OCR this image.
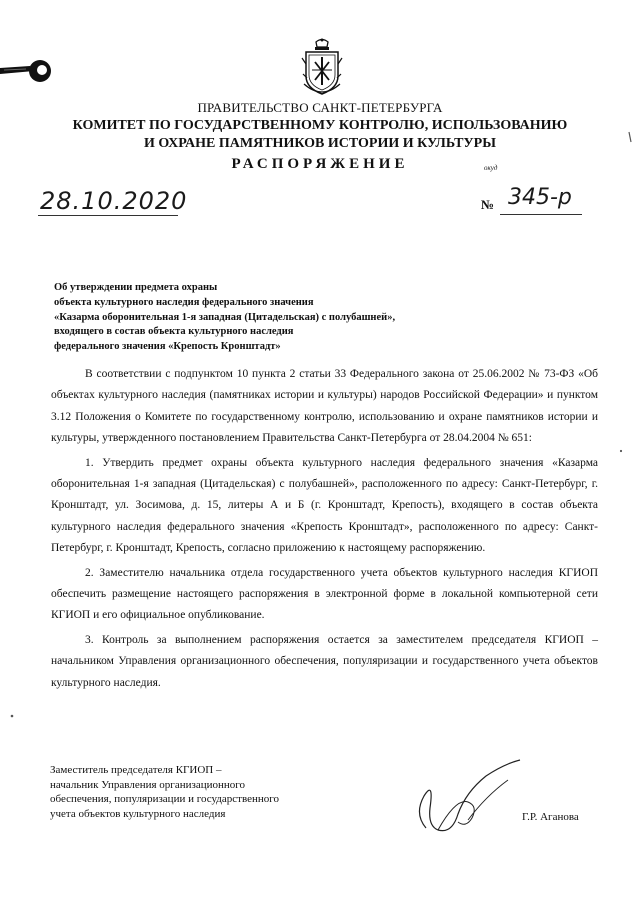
ПРАВИТЕЛЬСТВО САНКТ-ПЕТЕРБУРГА
КОМИТЕТ ПО ГОСУДАРСТВЕННОМУ КОНТРОЛЮ, ИСПОЛЬЗОВАНИЮ
И ОХРАНЕ ПАМЯТНИКОВ ИСТОРИИ И КУЛЬТУРЫ
РАСПОРЯЖЕНИЕ	окуд
28.10.2020	№ 345-р
Об утверждении предмета охраны
объекта культурного наследия федерального значения
«Казарма оборонительная 1-я западная (Цитадельская) с полубашней»,
входящего в состав объекта культурного наследия
федерального значения «Крепость Кронштадт»

В соответствии с подпунктом 10 пункта 2 статьи 33 Федерального закона от 25.06.2002 № 73-ФЗ «Об объектах культурного наследия (памятниках истории и культуры) народов Российской Федерации» и пунктом 3.12 Положения о Комитете по государственному контролю, использованию и охране памятников истории и культуры, утвержденного постановлением Правительства Санкт-Петербурга от 28.04.2004 № 651:

1. Утвердить предмет охраны объекта культурного наследия федерального значения «Казарма оборонительная 1-я западная (Цитадельская) с полубашней», расположенного по адресу: Санкт-Петербург, г. Кронштадт, ул. Зосимова, д. 15, литеры А и Б (г. Кронштадт, Крепость), входящего в состав объекта культурного наследия федерального значения «Крепость Кронштадт», расположенного по адресу: Санкт-Петербург, г. Кронштадт, Крепость, согласно приложению к настоящему распоряжению.

2. Заместителю начальника отдела государственного учета объектов культурного наследия КГИОП обеспечить размещение настоящего распоряжения в электронной форме в локальной компьютерной сети КГИОП и его официальное опубликование.

3. Контроль за выполнением распоряжения остается за заместителем председателя КГИОП – начальником Управления организационного обеспечения, популяризации и государственного учета объектов культурного наследия.

Заместитель председателя КГИОП –
начальник Управления организационного
обеспечения, популяризации и государственного
учета объектов культурного наследия	Г.Р. Аганова
